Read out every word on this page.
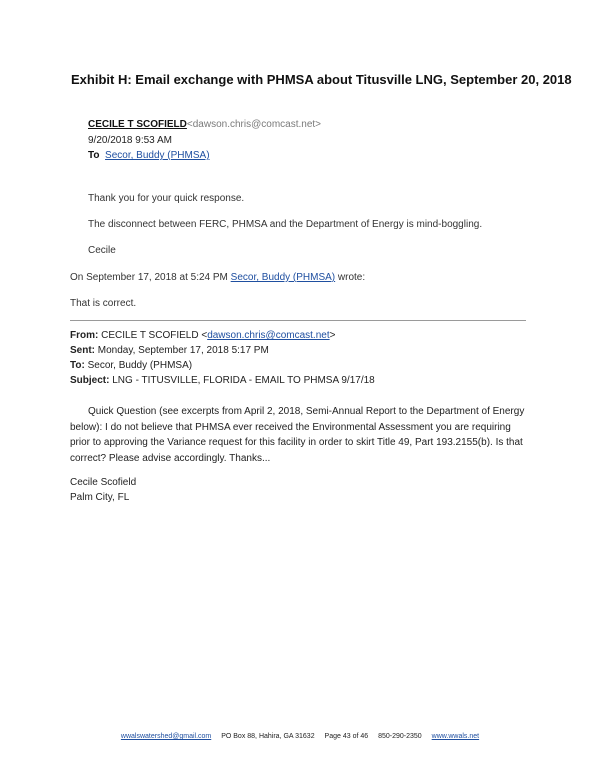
Exhibit H: Email exchange with PHMSA about Titusville LNG, September 20, 2018
CECILE T SCOFIELD<dawson.chris@comcast.net>
9/20/2018 9:53 AM
To Secor, Buddy (PHMSA)
Thank you for your quick response.
The disconnect between FERC, PHMSA and the Department of Energy is mind-boggling.
Cecile
On September 17, 2018 at 5:24 PM Secor, Buddy (PHMSA) wrote:
That is correct.
From: CECILE T SCOFIELD <dawson.chris@comcast.net>
Sent: Monday, September 17, 2018 5:17 PM
To: Secor, Buddy (PHMSA)
Subject: LNG - TITUSVILLE, FLORIDA - EMAIL TO PHMSA 9/17/18
Quick Question (see excerpts from April 2, 2018, Semi-Annual Report to the Department of Energy below): I do not believe that PHMSA ever received the Environmental Assessment you are requiring prior to approving the Variance request for this facility in order to skirt Title 49, Part 193.2155(b). Is that correct? Please advise accordingly. Thanks...
Cecile Scofield
Palm City, FL
wwalswatershed@gmail.com PO Box 88, Hahira, GA 31632 Page 43 of 46 850-290-2350 www.wwals.net
